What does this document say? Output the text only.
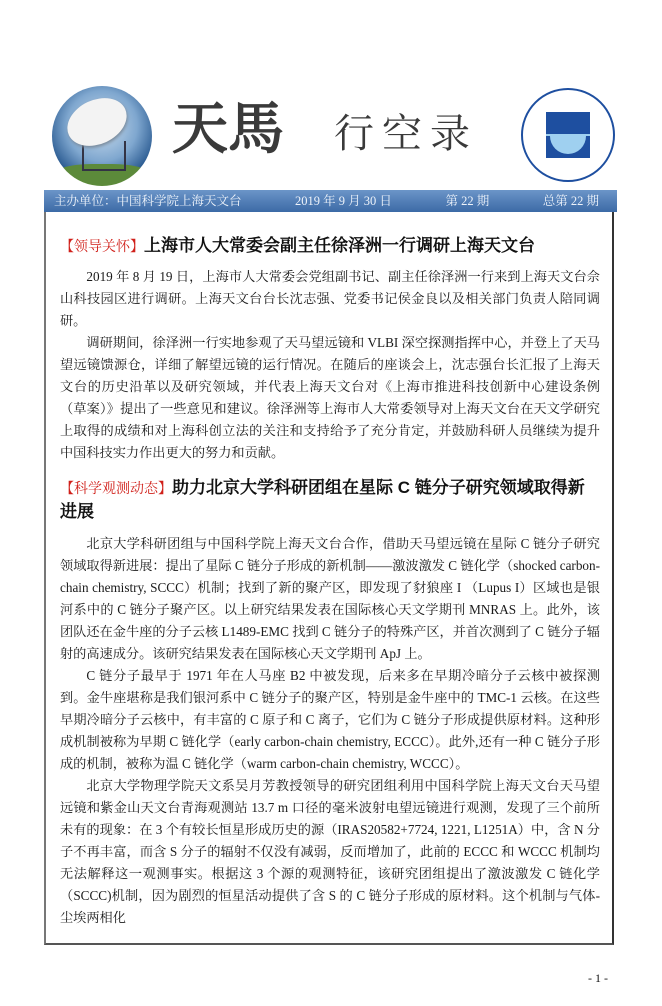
天馬 行空录
主办单位：中国科学院上海天文台	2019 年 9 月 30 日	第 22 期	总第 22 期
【领导关怀】上海市人大常委会副主任徐泽洲一行调研上海天文台

2019 年 8 月 19 日，上海市人大常委会党组副书记、副主任徐泽洲一行来到上海天文台佘山科技园区进行调研。上海天文台台长沈志强、党委书记侯金良以及相关部门负责人陪同调研。

调研期间，徐泽洲一行实地参观了天马望远镜和 VLBI 深空探测指挥中心，并登上了天马望远镜馈源仓，详细了解望远镜的运行情况。在随后的座谈会上，沈志强台长汇报了上海天文台的历史沿革以及研究领域，并代表上海天文台对《上海市推进科技创新中心建设条例（草案）》提出了一些意见和建议。徐泽洲等上海市人大常委领导对上海天文台在天文学研究上取得的成绩和对上海科创立法的关注和支持给予了充分肯定，并鼓励科研人员继续为提升中国科技实力作出更大的努力和贡献。

【科学观测动态】助力北京大学科研团组在星际 C 链分子研究领域取得新进展

北京大学科研团组与中国科学院上海天文台合作，借助天马望远镜在星际 C 链分子研究领域取得新进展：提出了星际 C 链分子形成的新机制——激波激发 C 链化学（shocked carbon-chain chemistry, SCCC）机制；找到了新的聚产区，即发现了豺狼座 I （Lupus I）区域也是银河系中的 C 链分子聚产区。以上研究结果发表在国际核心天文学期刊 MNRAS 上。此外，该团队还在金牛座的分子云核 L1489-EMC 找到 C 链分子的特殊产区，并首次测到了 C 链分子辐射的高速成分。该研究结果发表在国际核心天文学期刊 ApJ 上。

C 链分子最早于 1971 年在人马座 B2 中被发现，后来多在早期冷暗分子云核中被探测到。金牛座堪称是我们银河系中 C 链分子的聚产区，特别是金牛座中的 TMC-1 云核。在这些早期冷暗分子云核中，有丰富的 C 原子和 C 离子，它们为 C 链分子形成提供原材料。这种形成机制被称为早期 C 链化学（early carbon-chain chemistry, ECCC）。此外,还有一种 C 链分子形成的机制，被称为温 C 链化学（warm carbon-chain chemistry, WCCC）。

北京大学物理学院天文系吴月芳教授领导的研究团组利用中国科学院上海天文台天马望远镜和紫金山天文台青海观测站 13.7 m 口径的毫米波射电望远镜进行观测，发现了三个前所未有的现象：在 3 个有较长恒星形成历史的源（IRAS20582+7724, 1221, L1251A）中，含 N 分子不再丰富，而含 S 分子的辐射不仅没有减弱，反而增加了，此前的 ECCC 和 WCCC 机制均无法解释这一观测事实。根据这 3 个源的观测特征，该研究团组提出了激波激发 C 链化学（SCCC)机制，因为剧烈的恒星活动提供了含 S 的 C 链分子形成的原材料。这个机制与气体-尘埃两相化

- 1 -
